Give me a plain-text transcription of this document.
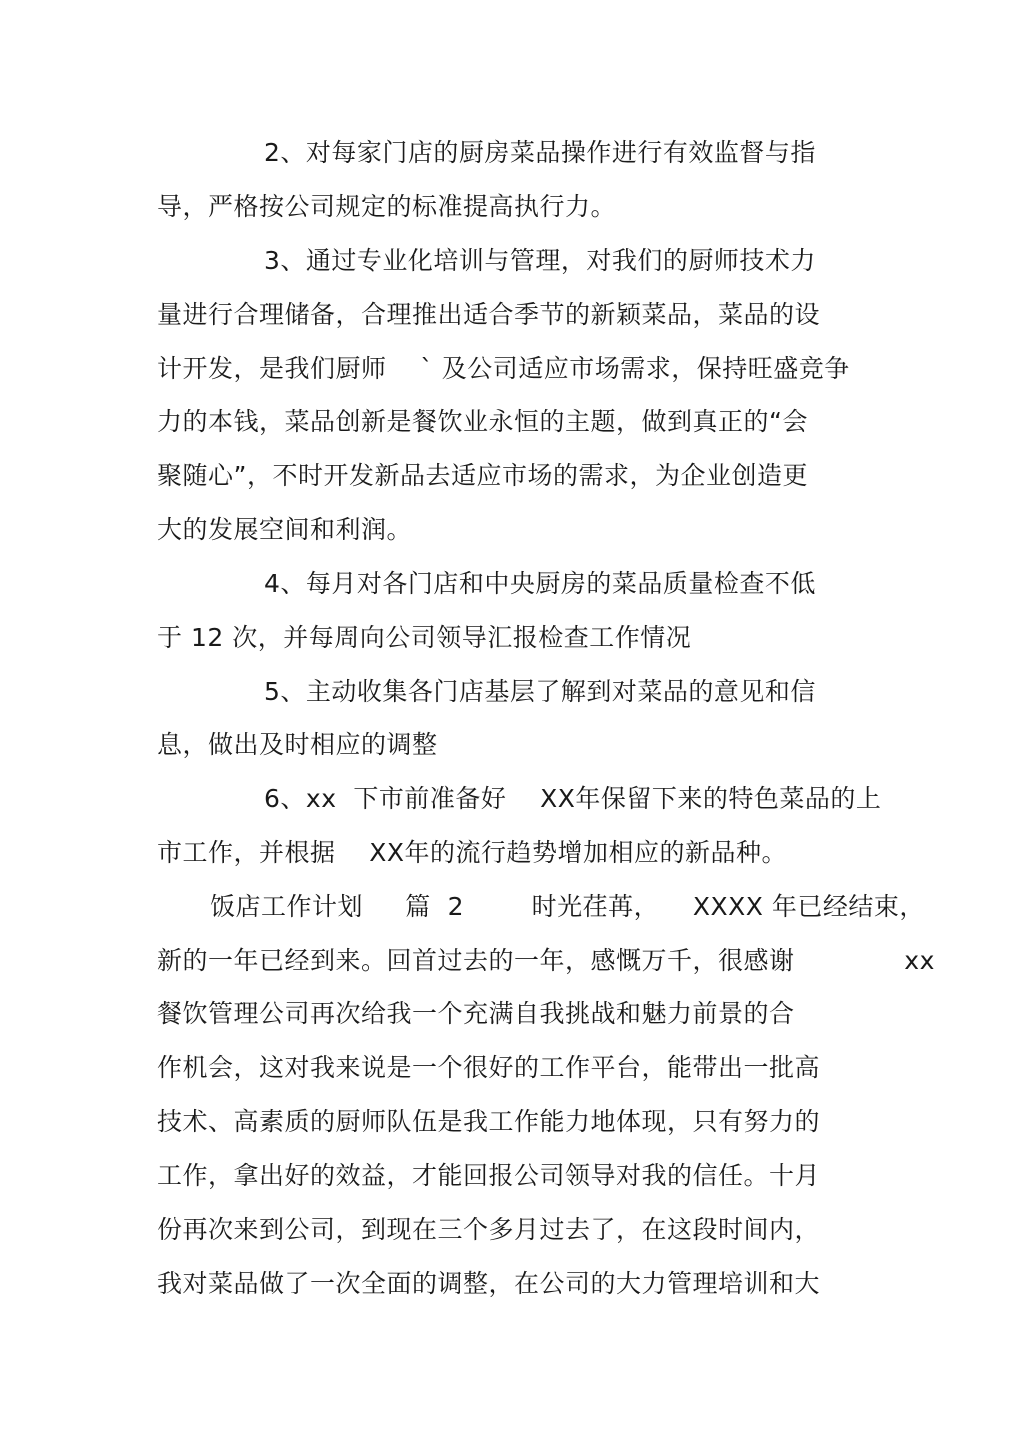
2、对每家门店的厨房菜品操作进行有效监督与指
导，严格按公司规定的标准提高执行力。
3、通过专业化培训与管理，对我们的厨师技术力
量进行合理储备，合理推出适合季节的新颖菜品，菜品的设
计开发，是我们厨师    ` 及公司适应市场需求，保持旺盛竞争
力的本钱，菜品创新是餐饮业永恒的主题，做到真正的“会
聚随心”，不时开发新品去适应市场的需求，为企业创造更
大的发展空间和利润。
4、每月对各门店和中央厨房的菜品质量检查不低
于 12 次，并每周向公司领导汇报检查工作情况
5、主动收集各门店基层了解到对菜品的意见和信
息，做出及时相应的调整
6、xx  下市前准备好    XX年保留下来的特色菜品的上
市工作，并根据    XX年的流行趋势增加相应的新品种。
饭店工作计划     篇  2        时光荏苒，    XXXX 年已经结束，
新的一年已经到来。回首过去的一年，感慨万千，很感谢             xx
餐饮管理公司再次给我一个充满自我挑战和魅力前景的合
作机会，这对我来说是一个很好的工作平台，能带出一批高
技术、高素质的厨师队伍是我工作能力地体现，只有努力的
工作，拿出好的效益，才能回报公司领导对我的信任。十月
份再次来到公司，到现在三个多月过去了，在这段时间内，
我对菜品做了一次全面的调整，在公司的大力管理培训和大
